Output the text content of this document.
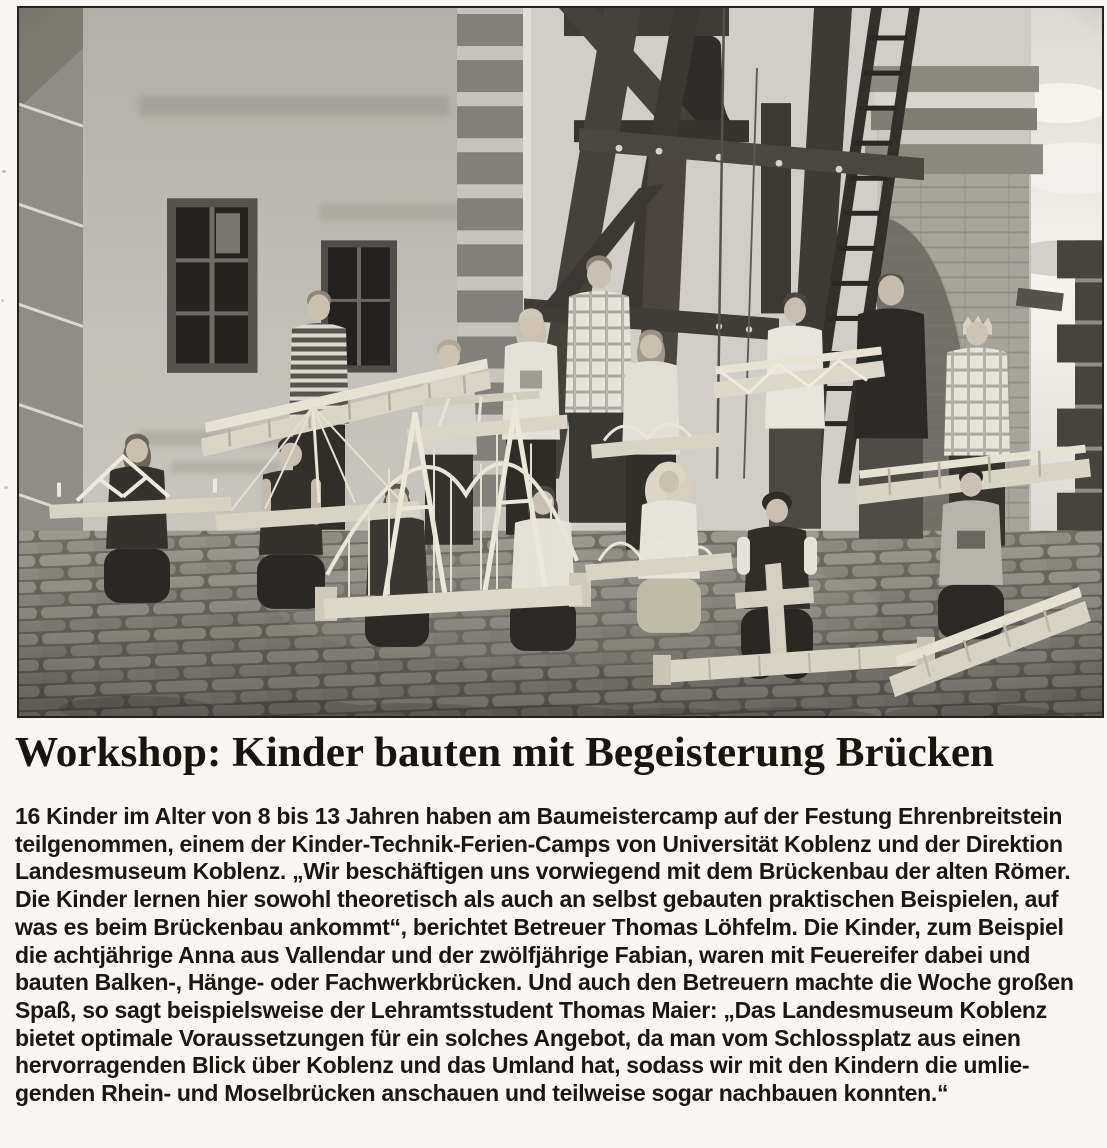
Workshop: Kinder bauten mit Begeisterung Brücken

16 Kinder im Alter von 8 bis 13 Jahren haben am Baumeistercamp auf der Festung Ehrenbreitstein

teilgenommen, einem der Kinder-Technik-Ferien-Camps von Universität Koblenz und der Direktion

Landesmuseum Koblenz. „Wir beschäftigen uns vorwiegend mit dem Brückenbau der alten Römer.

Die Kinder lernen hier sowohl theoretisch als auch an selbst gebauten praktischen Beispielen, auf

was es beim Brückenbau ankommt“, berichtet Betreuer Thomas Löhfelm. Die Kinder, zum Beispiel

die achtjährige Anna aus Vallendar und der zwölfjährige Fabian, waren mit Feuereifer dabei und

bauten Balken-, Hänge- oder Fachwerkbrücken. Und auch den Betreuern machte die Woche großen

Spaß, so sagt beispielsweise der Lehramtsstudent Thomas Maier: „Das Landesmuseum Koblenz

bietet optimale Voraussetzungen für ein solches Angebot, da man vom Schlossplatz aus einen

hervorragenden Blick über Koblenz und das Umland hat, sodass wir mit den Kindern die umlie-

genden Rhein- und Moselbrücken anschauen und teilweise sogar nachbauen konnten.“
